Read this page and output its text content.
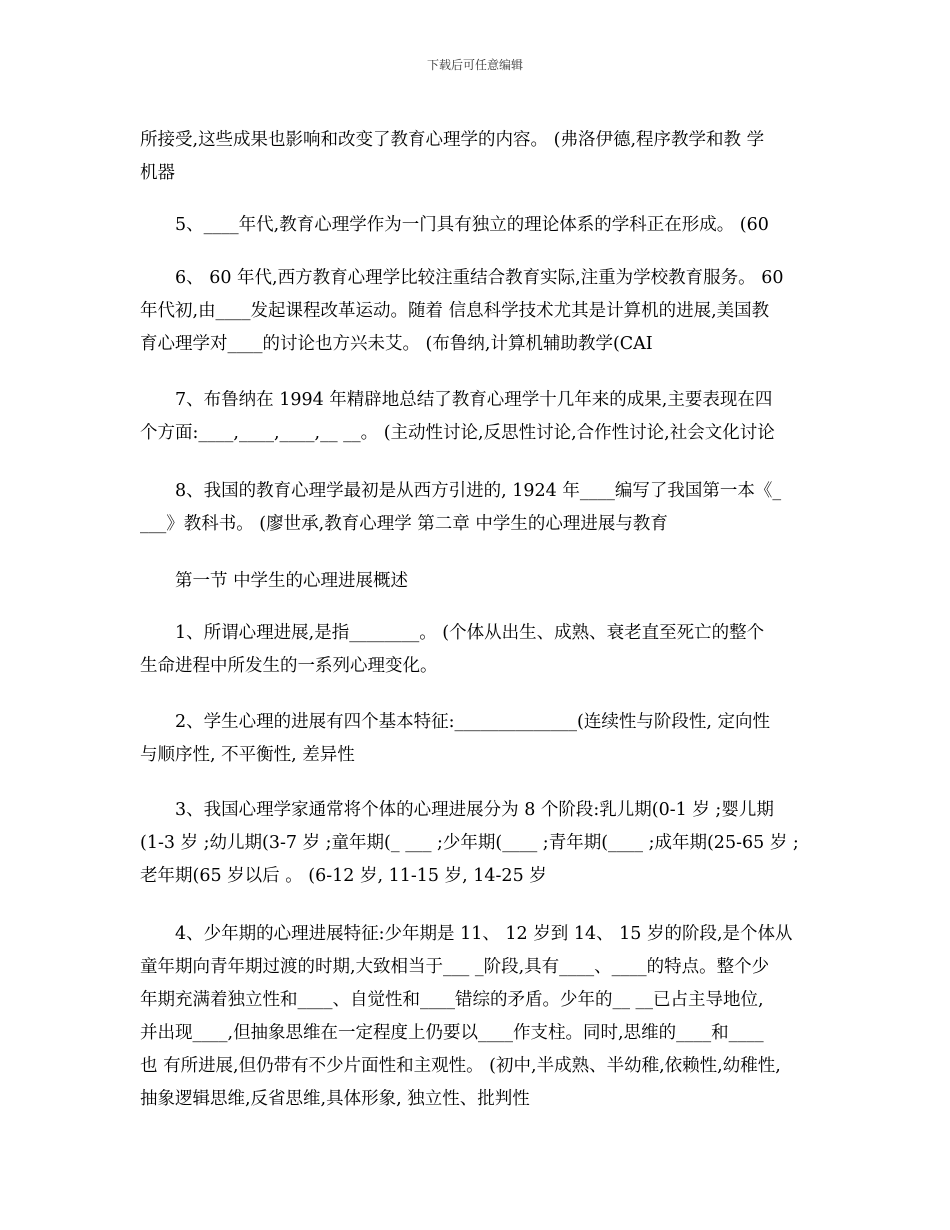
下载后可任意编辑
所接受,这些成果也影响和改变了教育心理学的内容。 (弗洛伊德,程序教学和教 学
机器
5、____年代,教育心理学作为一门具有独立的理论体系的学科正在形成。 (60
6、 60 年代,西方教育心理学比较注重结合教育实际,注重为学校教育服务。 60
年代初,由____发起课程改革运动。随着 信息科学技术尤其是计算机的进展,美国教
育心理学对____的讨论也方兴未艾。 (布鲁纳,计算机辅助教学(CAI
7、布鲁纳在 1994 年精辟地总结了教育心理学十几年来的成果,主要表现在四
个方面:____,____,____,__ __。 (主动性讨论,反思性讨论,合作性讨论,社会文化讨论
8、我国的教育心理学最初是从西方引进的, 1924 年____编写了我国第一本《_
___》教科书。 (廖世承,教育心理学 第二章 中学生的心理进展与教育
第一节 中学生的心理进展概述
1、所谓心理进展,是指________。 (个体从出生、成熟、衰老直至死亡的整个
生命进程中所发生的一系列心理变化。
2、学生心理的进展有四个基本特征:______________(连续性与阶段性, 定向性
与顺序性, 不平衡性, 差异性
3、我国心理学家通常将个体的心理进展分为 8 个阶段:乳儿期(0-1 岁 ;婴儿期
(1-3 岁 ;幼儿期(3-7 岁 ;童年期(_ ___ ;少年期(____ ;青年期(____ ;成年期(25-65 岁 ;
老年期(65 岁以后 。 (6-12 岁, 11-15 岁, 14-25 岁
4、少年期的心理进展特征:少年期是 11、 12 岁到 14、 15 岁的阶段,是个体从
童年期向青年期过渡的时期,大致相当于___ _阶段,具有____、____的特点。整个少
年期充满着独立性和____、自觉性和____错综的矛盾。少年的__ __已占主导地位,
并出现____,但抽象思维在一定程度上仍要以____作支柱。同时,思维的____和____
也 有所进展,但仍带有不少片面性和主观性。 (初中,半成熟、半幼稚,依赖性,幼稚性,
抽象逻辑思维,反省思维,具体形象, 独立性、批判性
